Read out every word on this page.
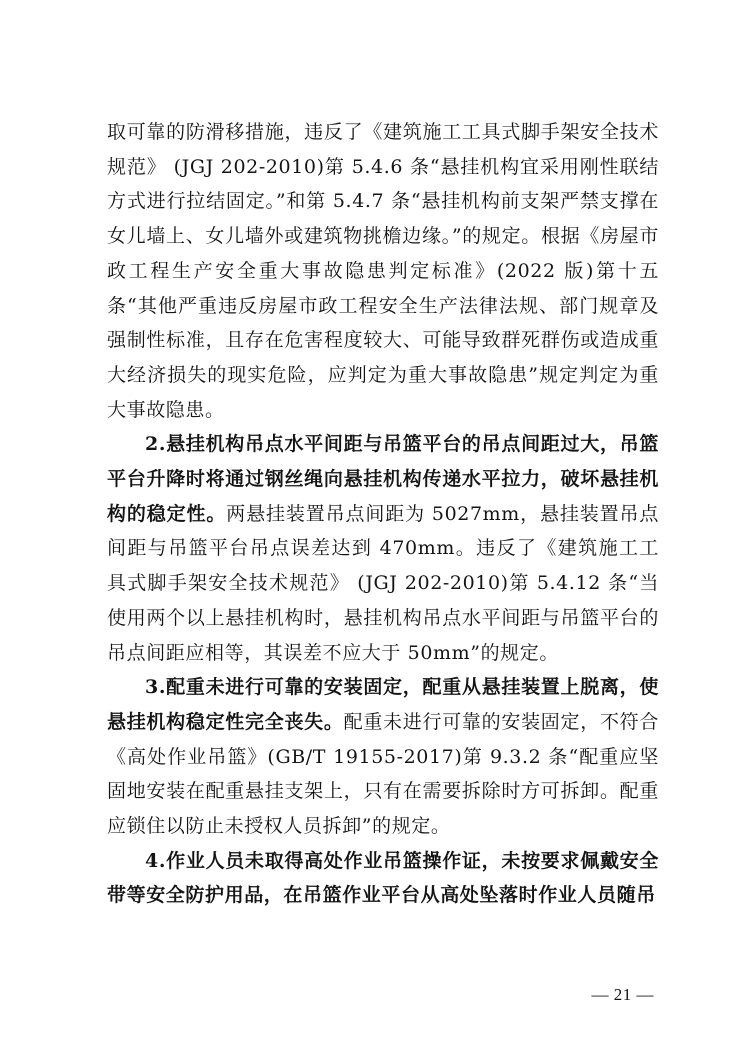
取可靠的防滑移措施，违反了《建筑施工工具式脚手架安全技术规范》 (JGJ 202-2010)第 5.4.6 条“悬挂机构宜采用刚性联结方式进行拉结固定。”和第 5.4.7 条“悬挂机构前支架严禁支撑在女儿墙上、女儿墙外或建筑物挑檐边缘。”的规定。根据《房屋市政工程生产安全重大事故隐患判定标准》(2022 版)第十五条“其他严重违反房屋市政工程安全生产法律法规、部门规章及强制性标准，且存在危害程度较大、可能导致群死群伤或造成重大经济损失的现实危险，应判定为重大事故隐患”规定判定为重大事故隐患。

2.悬挂机构吊点水平间距与吊篮平台的吊点间距过大，吊篮平台升降时将通过钢丝绳向悬挂机构传递水平拉力，破坏悬挂机构的稳定性。两悬挂装置吊点间距为 5027mm，悬挂装置吊点间距与吊篮平台吊点误差达到 470mm。违反了《建筑施工工具式脚手架安全技术规范》 (JGJ 202-2010)第 5.4.12 条“当使用两个以上悬挂机构时，悬挂机构吊点水平间距与吊篮平台的吊点间距应相等，其误差不应大于 50mm”的规定。

3.配重未进行可靠的安装固定，配重从悬挂装置上脱离，使悬挂机构稳定性完全丧失。配重未进行可靠的安装固定，不符合《高处作业吊篮》(GB/T 19155-2017)第 9.3.2 条“配重应坚固地安装在配重悬挂支架上，只有在需要拆除时方可拆卸。配重应锁住以防止未授权人员拆卸”的规定。

4.作业人员未取得高处作业吊篮操作证，未按要求佩戴安全带等安全防护用品，在吊篮作业平台从高处坠落时作业人员随吊

— 21 —
